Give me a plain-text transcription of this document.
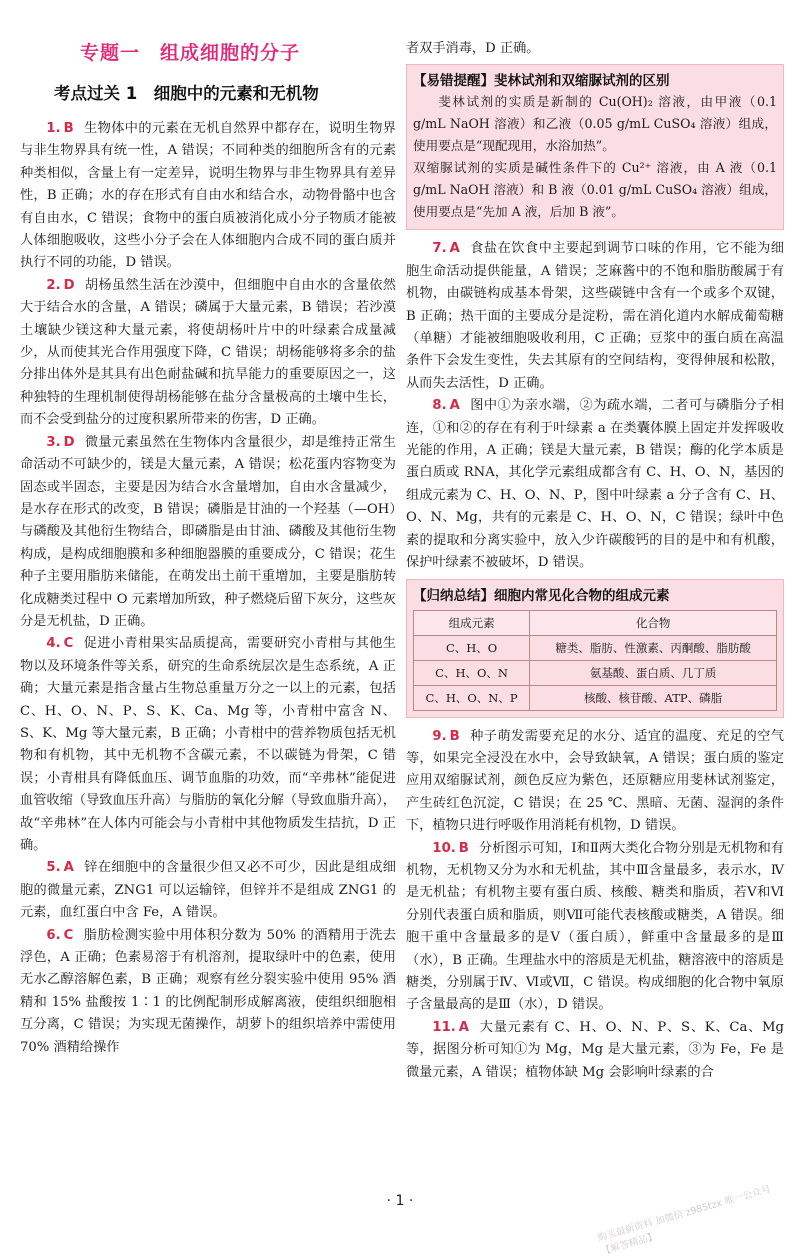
专题一　组成细胞的分子
考点过关 1　细胞中的元素和无机物

1. B 生物体中的元素在无机自然界中都存在，说明生物界与非生物界具有统一性，A 错误；不同种类的细胞所含有的元素种类相似，含量上有一定差异，说明生物界与非生物界具有差异性，B 正确；水的存在形式有自由水和结合水，动物骨骼中也含有自由水，C 错误；食物中的蛋白质被消化成小分子物质才能被人体细胞吸收，这些小分子会在人体细胞内合成不同的蛋白质并执行不同的功能，D 错误。

2. D 胡杨虽然生活在沙漠中，但细胞中自由水的含量依然大于结合水的含量，A 错误；磷属于大量元素，B 错误；若沙漠土壤缺少镁这种大量元素，将使胡杨叶片中的叶绿素合成量减少，从而使其光合作用强度下降，C 错误；胡杨能够将多余的盐分排出体外是其具有出色耐盐碱和抗旱能力的重要原因之一，这种独特的生理机制使得胡杨能够在盐分含量极高的土壤中生长，而不会受到盐分的过度积累所带来的伤害，D 正确。

3. D 微量元素虽然在生物体内含量很少，却是维持正常生命活动不可缺少的，镁是大量元素，A 错误；松花蛋内容物变为固态或半固态，主要是因为结合水含量增加，自由水含量减少，是水存在形式的改变，B 错误；磷脂是甘油的一个羟基（—OH）与磷酸及其他衍生物结合，即磷脂是由甘油、磷酸及其他衍生物构成，是构成细胞膜和多种细胞器膜的重要成分，C 错误；花生种子主要用脂肪来储能，在萌发出土前干重增加，主要是脂肪转化成糖类过程中 O 元素增加所致，种子燃烧后留下灰分，这些灰分是无机盐，D 正确。

4. C 促进小青柑果实品质提高，需要研究小青柑与其他生物以及环境条件等关系，研究的生命系统层次是生态系统，A 正确；大量元素是指含量占生物总重量万分之一以上的元素，包括 C、H、O、N、P、S、K、Ca、Mg 等，小青柑中富含 N、S、K、Mg 等大量元素，B 正确；小青柑中的营养物质包括无机物和有机物，其中无机物不含碳元素，不以碳链为骨架，C 错误；小青柑具有降低血压、调节血脂的功效，而“辛弗林”能促进血管收缩（导致血压升高）与脂肪的氧化分解（导致血脂升高），故“辛弗林”在人体内可能会与小青柑中其他物质发生拮抗，D 正确。

5. A 锌在细胞中的含量很少但又必不可少，因此是组成细胞的微量元素，ZNG1 可以运输锌，但锌并不是组成 ZNG1 的元素，血红蛋白中含 Fe，A 错误。

6. C 脂肪检测实验中用体积分数为 50% 的酒精用于洗去浮色，A 正确；色素易溶于有机溶剂，提取绿叶中的色素，使用无水乙醇溶解色素，B 正确；观察有丝分裂实验中使用 95% 酒精和 15% 盐酸按 1∶1 的比例配制形成解离液，使组织细胞相互分离，C 错误；为实现无菌操作，胡萝卜的组织培养中需使用 70% 酒精给操作

者双手消毒，D 正确。

【易错提醒】斐林试剂和双缩脲试剂的区别

斐林试剂的实质是新制的 Cu(OH)₂ 溶液，由甲液（0.1 g/mL NaOH 溶液）和乙液（0.05 g/mL CuSO₄ 溶液）组成，使用要点是“现配现用，水浴加热”。

双缩脲试剂的实质是碱性条件下的 Cu²⁺ 溶液，由 A 液（0.1 g/mL NaOH 溶液）和 B 液（0.01 g/mL CuSO₄ 溶液）组成，使用要点是“先加 A 液，后加 B 液”。

7. A 食盐在饮食中主要起到调节口味的作用，它不能为细胞生命活动提供能量，A 错误；芝麻酱中的不饱和脂肪酸属于有机物，由碳链构成基本骨架，这些碳链中含有一个或多个双键，B 正确；热干面的主要成分是淀粉，需在消化道内水解成葡萄糖（单糖）才能被细胞吸收利用，C 正确；豆浆中的蛋白质在高温条件下会发生变性，失去其原有的空间结构，变得伸展和松散，从而失去活性，D 正确。

8. A 图中①为亲水端，②为疏水端，二者可与磷脂分子相连，①和②的存在有利于叶绿素 a 在类囊体膜上固定并发挥吸收光能的作用，A 正确；镁是大量元素，B 错误；酶的化学本质是蛋白质或 RNA，其化学元素组成都含有 C、H、O、N，基因的组成元素为 C、H、O、N、P，图中叶绿素 a 分子含有 C、H、O、N、Mg，共有的元素是 C、H、O、N，C 错误；绿叶中色素的提取和分离实验中，放入少许碳酸钙的目的是中和有机酸，保护叶绿素不被破坏，D 错误。

【归纳总结】细胞内常见化合物的组成元素
组成元素	化合物
C、H、O	糖类、脂肪、性激素、丙酮酸、脂肪酸
C、H、O、N	氨基酸、蛋白质、几丁质
C、H、O、N、P	核酸、核苷酸、ATP、磷脂

9. B 种子萌发需要充足的水分、适宜的温度、充足的空气等，如果完全浸没在水中，会导致缺氧，A 错误；蛋白质的鉴定应用双缩脲试剂，颜色反应为紫色，还原糖应用斐林试剂鉴定，产生砖红色沉淀，C 错误；在 25 ℃、黑暗、无菌、湿润的条件下，植物只进行呼吸作用消耗有机物，D 错误。

10. B 分析图示可知，Ⅰ和Ⅱ两大类化合物分别是无机物和有机物，无机物又分为水和无机盐，其中Ⅲ含量最多，表示水，Ⅳ是无机盐；有机物主要有蛋白质、核酸、糖类和脂质，若Ⅴ和Ⅵ分别代表蛋白质和脂质，则Ⅶ可能代表核酸或糖类，A 错误。细胞干重中含量最多的是Ⅴ（蛋白质），鲜重中含量最多的是Ⅲ（水），B 正确。生理盐水中的溶质是无机盐，糖溶液中的溶质是糖类，分别属于Ⅳ、Ⅵ或Ⅶ，C 错误。构成细胞的化合物中氧原子含量最高的是Ⅲ（水），D 错误。

11. A 大量元素有 C、H、O、N、P、S、K、Ca、Mg 等，据图分析可知①为 Mg，Mg 是大量元素，③为 Fe，Fe 是微量元素，A 错误；植物体缺 Mg 会影响叶绿素的合

· 1 ·	购买最新资料 加微信 z985tzx 唯一公众号【解答精品】
